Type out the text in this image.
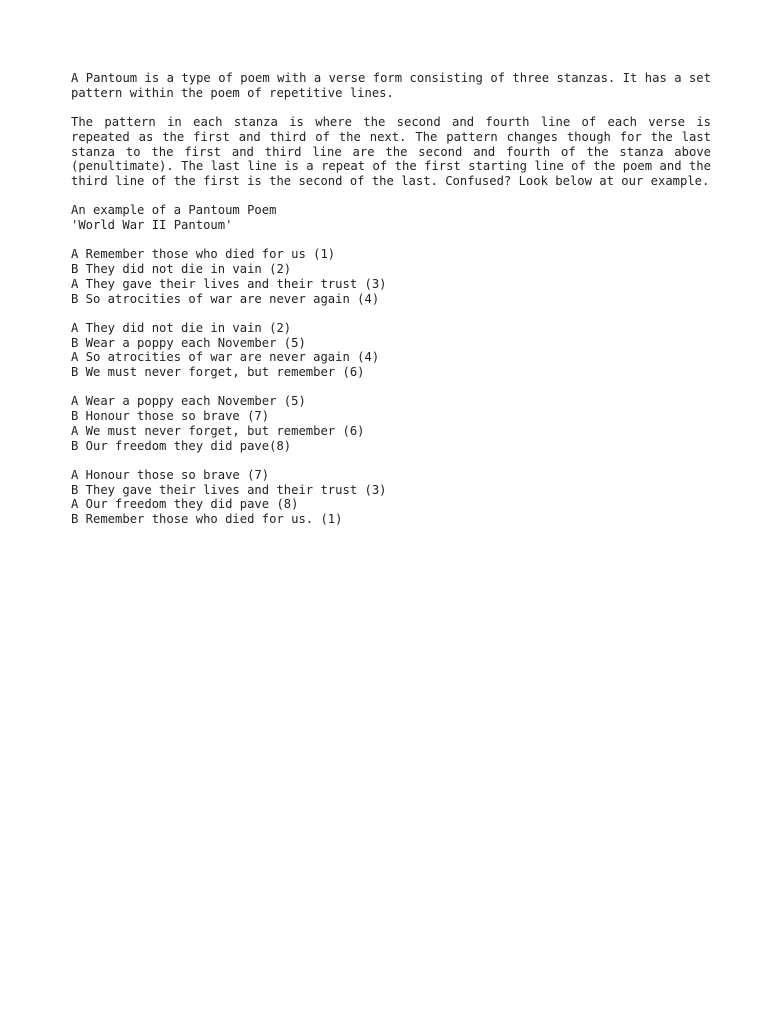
A Pantoum is a type of poem with a verse form consisting of three stanzas. It has a set pattern within the poem of repetitive lines.

The pattern in each stanza is where the second and fourth line of each verse is repeated as the first and third of the next. The pattern changes though for the last stanza to the first and third line are the second and fourth of the stanza above (penultimate). The last line is a repeat of the first starting line of the poem and the third line of the first is the second of the last. Confused? Look below at our example.

An example of a Pantoum Poem
'World War II Pantoum'
A Remember those who died for us (1)
B They did not die in vain (2)
A They gave their lives and their trust (3)
B So atrocities of war are never again (4)
A They did not die in vain (2)
B Wear a poppy each November (5)
A So atrocities of war are never again (4)
B We must never forget, but remember (6)
A Wear a poppy each November (5)
B Honour those so brave (7)
A We must never forget, but remember (6)
B Our freedom they did pave(8)
A Honour those so brave (7)
B They gave their lives and their trust (3)
A Our freedom they did pave (8)
B Remember those who died for us. (1)
